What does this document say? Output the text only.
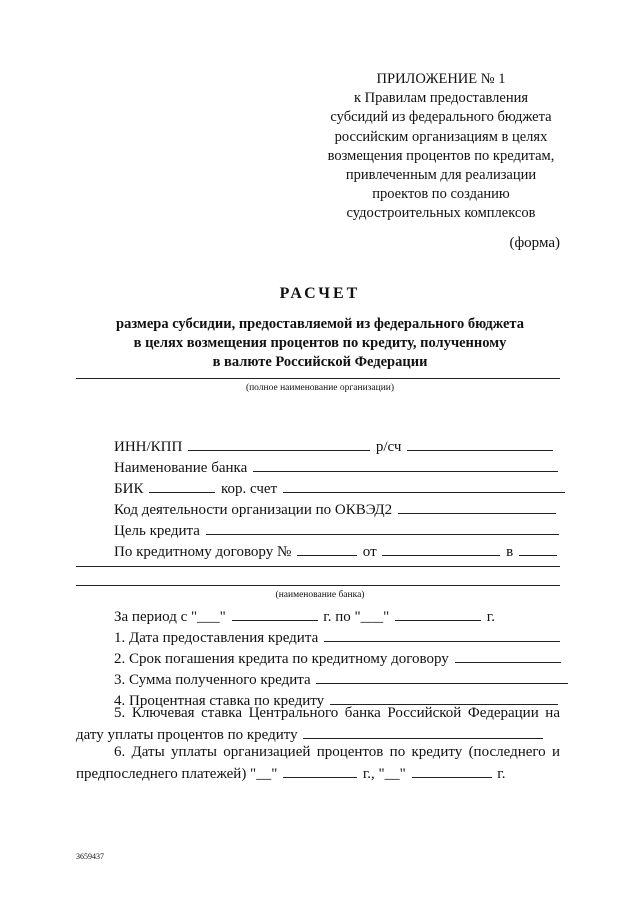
ПРИЛОЖЕНИЕ № 1
к Правилам предоставления
субсидий из федерального бюджета
российским организациям в целях
возмещения процентов по кредитам,
привлеченным для реализации
проектов по созданию
судостроительных комплексов
(форма)
РАСЧЕТ
размера субсидии, предоставляемой из федерального бюджета
в целях возмещения процентов по кредиту, полученному
в валюте Российской Федерации
(полное наименование организации)
ИНН/КПП	р/сч
Наименование банка
БИК	кор. счет
Код деятельности организации по ОКВЭД2
Цель кредита
По кредитному договору №	от	в
(наименование банка)
За период с "___"	г. по "___"	г.
1. Дата предоставления кредита
2. Срок погашения кредита по кредитному договору
3. Сумма полученного кредита
4. Процентная ставка по кредиту
5. Ключевая ставка Центрального банка Российской Федерации на
дату уплаты процентов по кредиту
6. Даты уплаты организацией процентов по кредиту (последнего и
предпоследнего платежей) "__"	г., "__"	г.
3659437
